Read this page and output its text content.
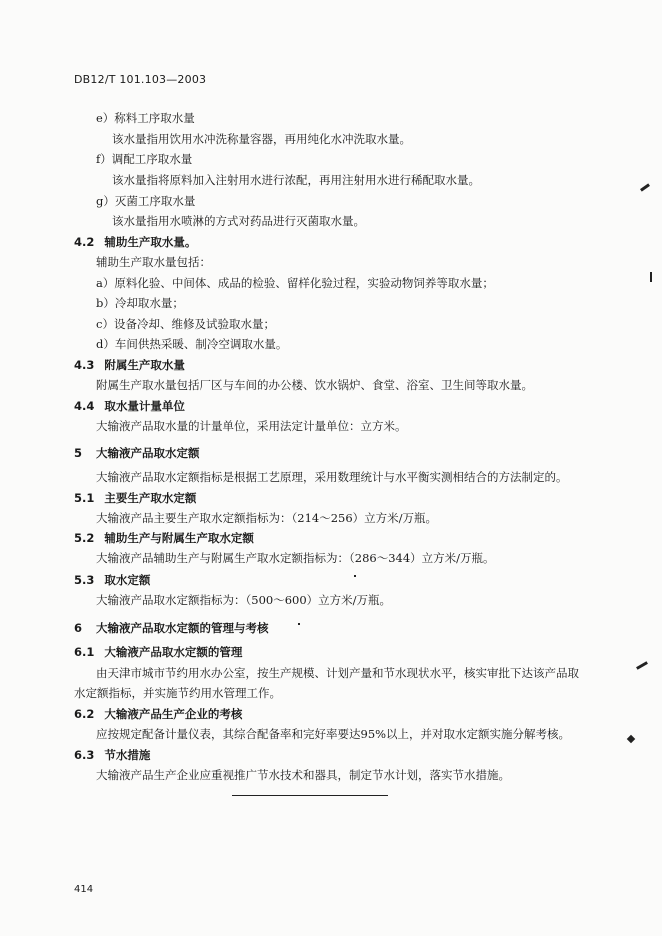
DB12/T 101.103—2003
e）称料工序取水量
该水量指用饮用水冲洗称量容器，再用纯化水冲洗取水量。
f）调配工序取水量
该水量指将原料加入注射用水进行浓配，再用注射用水进行稀配取水量。
g）灭菌工序取水量
该水量指用水喷淋的方式对药品进行灭菌取水量。
4.2 辅助生产取水量。
辅助生产取水量包括：
a）原料化验、中间体、成品的检验、留样化验过程，实验动物饲养等取水量；
b）冷却取水量；
c）设备冷却、维修及试验取水量；
d）车间供热采暖、制冷空调取水量。
4.3 附属生产取水量
附属生产取水量包括厂区与车间的办公楼、饮水锅炉、食堂、浴室、卫生间等取水量。
4.4 取水量计量单位
大输液产品取水量的计量单位，采用法定计量单位：立方米。
5 大输液产品取水定额
大输液产品取水定额指标是根据工艺原理，采用数理统计与水平衡实测相结合的方法制定的。
5.1 主要生产取水定额
大输液产品主要生产取水定额指标为：（214～256）立方米/万瓶。
5.2 辅助生产与附属生产取水定额
大输液产品辅助生产与附属生产取水定额指标为：（286～344）立方米/万瓶。
5.3 取水定额
大输液产品取水定额指标为：（500～600）立方米/万瓶。
6 大输液产品取水定额的管理与考核
6.1 大输液产品取水定额的管理
由天津市城市节约用水办公室，按生产规模、计划产量和节水现状水平，核实审批下达该产品取
水定额指标，并实施节约用水管理工作。
6.2 大输液产品生产企业的考核
应按规定配备计量仪表，其综合配备率和完好率要达95%以上，并对取水定额实施分解考核。
6.3 节水措施
大输液产品生产企业应重视推广节水技术和器具，制定节水计划，落实节水措施。
414
